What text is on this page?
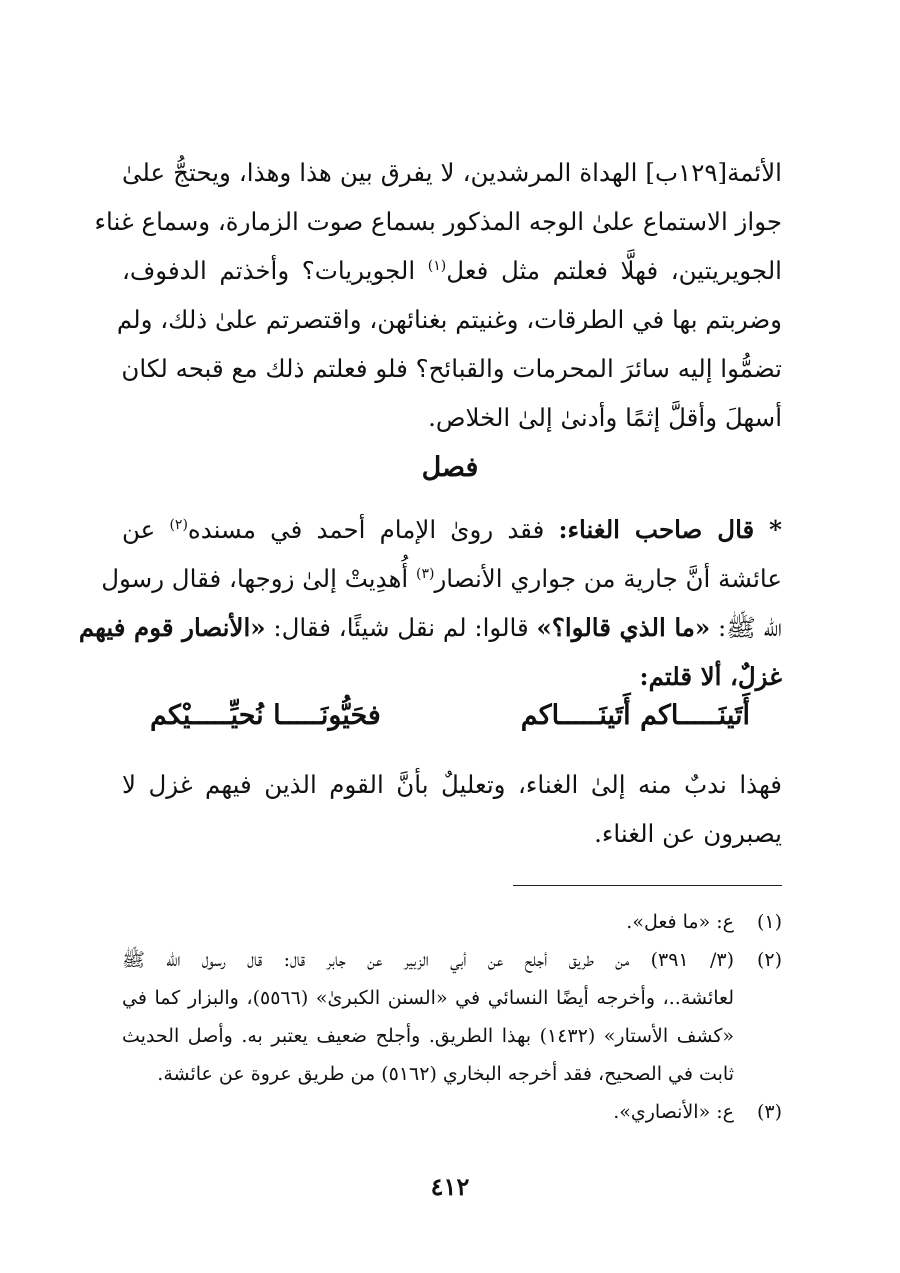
الأئمة[١٢٩ب] الهداة المرشدين، لا يفرق بين هذا وهذا، ويحتجُّ علىٰ
جواز الاستماع علىٰ الوجه المذكور بسماع صوت الزمارة، وسماع غناء
الجويريتين، فهلَّا فعلتم مثل فعل$^{(١)}$ الجويريات؟ وأخذتم الدفوف،
وضربتم بها في الطرقات، وغنيتم بغنائهن، واقتصرتم علىٰ ذلك، ولم
تضمُّوا إليه سائرَ المحرمات والقبائح؟ فلو فعلتم ذلك مع قبحه لكان
أسهلَ وأقلَّ إثمًا وأدنىٰ إلىٰ الخلاص.
فصل
* قال صاحب الغناء: فقد روىٰ الإمام أحمد في مسنده$^{(٢)}$ عن
عائشة أنَّ جارية من جواري الأنصار$^{(٣)}$ أُهدِيتْ إلىٰ زوجها، فقال رسول
الله ﷺ: «ما الذي قالوا؟» قالوا: لم نقل شيئًا، فقال: «الأنصار قوم فيهم
غزلٌ، ألا قلتم:
أَتَينَـــــاكم أَتَينَـــــاكم
فحَيُّونَـــــا نُحيِّـــــيْكم
فهذا ندبٌ منه إلىٰ الغناء، وتعليلٌ بأنَّ القوم الذين فيهم غزل لا
يصبرون عن الغناء.
(١)
ع: «ما فعل».
(٢)
(٣/ ٣٩١) من طريق أجلح عن أبي الزبير عن جابر قال: قال رسول الله ﷺ
لعائشة..، وأخرجه أيضًا النسائي في «السنن الكبرىٰ» (٥٥٦٦)، والبزار كما في
«كشف الأستار» (١٤٣٢) بهذا الطريق. وأجلح ضعيف يعتبر به. وأصل الحديث
ثابت في الصحيح، فقد أخرجه البخاري (٥١٦٢) من طريق عروة عن عائشة.
(٣)
ع: «الأنصاري».
٤١٢
